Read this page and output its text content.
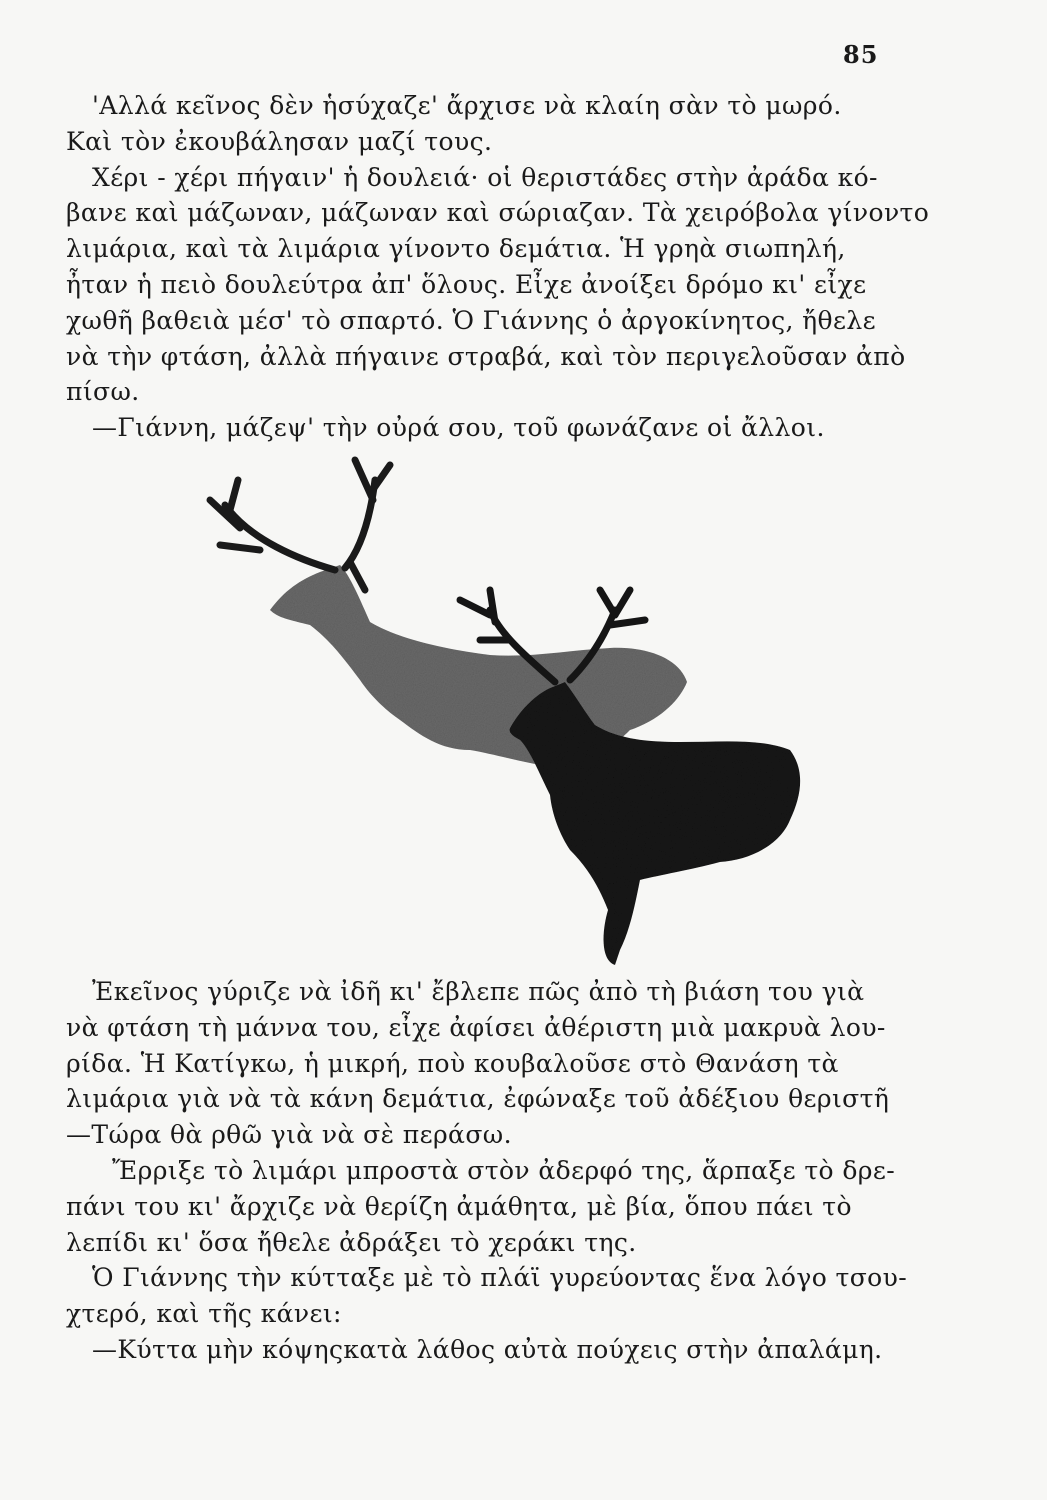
85
'Αλλά κεῖνος δὲν ἡσύχαζε' ἄρχισε νὰ κλαίη σὰν τὸ μωρό.
Καὶ τὸν ἐκουβάλησαν μαζί τους.
Χέρι - χέρι πήγαιν' ἡ δουλειά· οἱ θεριστάδες στὴν ἀράδα κό-
βανε καὶ μάζωναν, μάζωναν καὶ σώριαζαν. Τὰ χειρόβολα γίνοντο
λιμάρια, καὶ τὰ λιμάρια γίνοντο δεμάτια. Ἡ γρηὰ σιωπηλή,
ἦταν ἡ πειὸ δουλεύτρα ἀπ' ὅλους. Εἶχε ἀνοίξει δρόμο κι' εἶχε
χωθῆ βαθειὰ μέσ' τὸ σπαρτό. Ὁ Γιάννης ὁ ἀργοκίνητος, ἤθελε
νὰ τὴν φτάση, ἀλλὰ πήγαινε στραβά, καὶ τὸν περιγελοῦσαν ἀπὸ
πίσω.
—Γιάννη, μάζεψ' τὴν οὐρά σου, τοῦ φωνάζανε οἱ ἄλλοι.
Ἐκεῖνος γύριζε νὰ ἰδῆ κι' ἔβλεπε πῶς ἀπὸ τὴ βιάση του γιὰ
νὰ φτάση τὴ μάννα του, εἶχε ἀφίσει ἀθέριστη μιὰ μακρυὰ λου-
ρίδα. Ἡ Κατίγκω, ἡ μικρή, ποὺ κουβαλοῦσε στὸ Θανάση τὰ
λιμάρια γιὰ νὰ τὰ κάνη δεμάτια, ἐφώναξε τοῦ ἀδέξιου θεριστῆ
—Τώρα θὰ ρθῶ γιὰ νὰ σὲ περάσω.
Ἔρριξε τὸ λιμάρι μπροστὰ στὸν ἀδερφό της, ἅρπαξε τὸ δρε-
πάνι του κι' ἄρχιζε νὰ θερίζη ἀμάθητα, μὲ βία, ὅπου πάει τὸ
λεπίδι κι' ὅσα ἤθελε ἀδράξει τὸ χεράκι της.
Ὁ Γιάννης τὴν κύτταξε μὲ τὸ πλάϊ γυρεύοντας ἕνα λόγο τσου-
χτερό, καὶ τῆς κάνει:
—Κύττα μὴν κόψηςκατὰ λάθος αὐτὰ πούχεις στὴν ἀπαλάμη.
